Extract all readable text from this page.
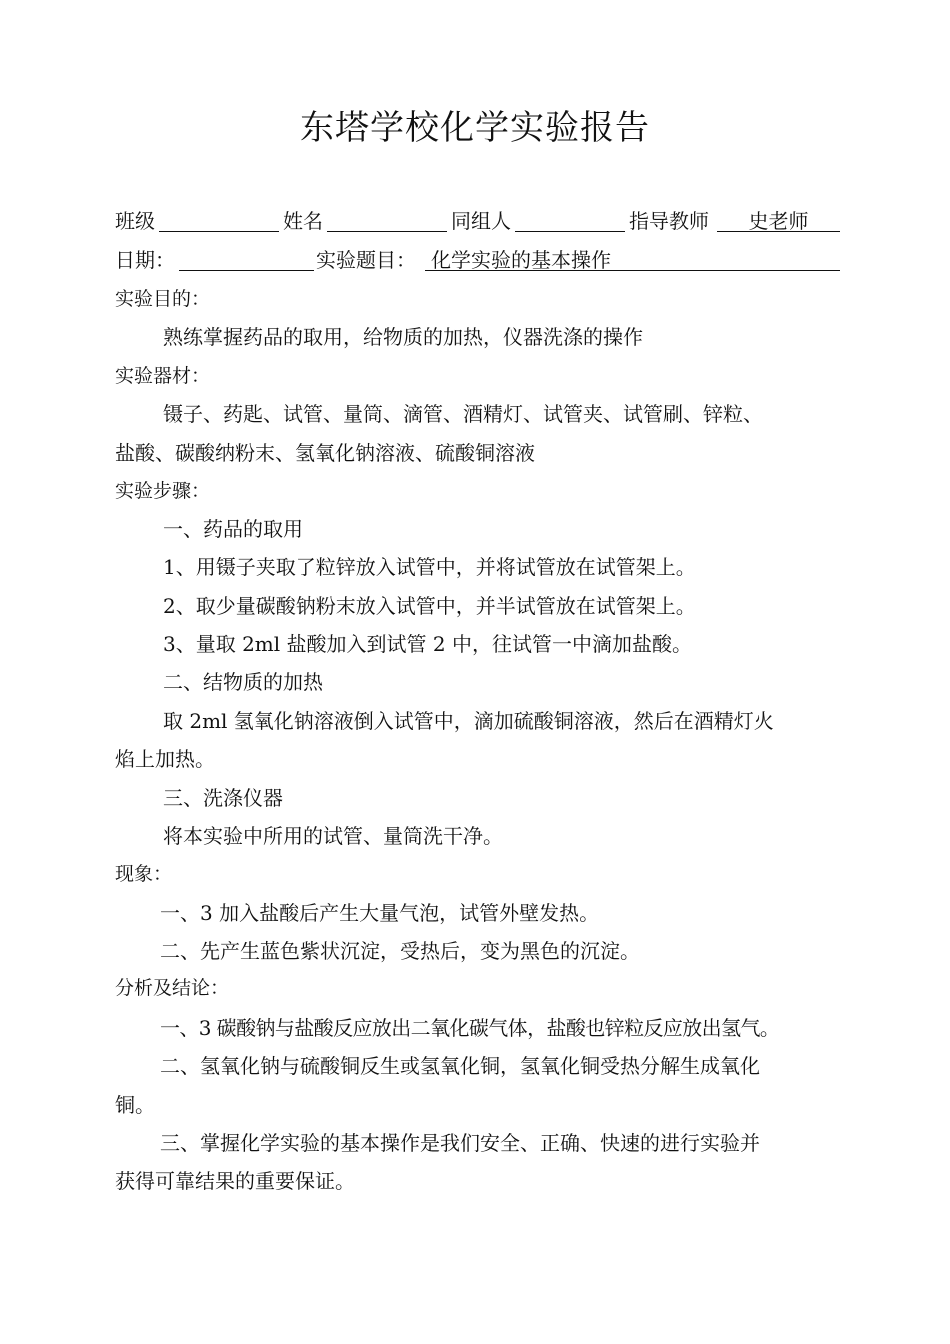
东塔学校化学实验报告
班级	姓名	同组人	指导教师	史老师
日期：	实验题目： 化学实验的基本操作
实验目的：
熟练掌握药品的取用，给物质的加热，仪器洗涤的操作
实验器材：
镊子、药匙、试管、量筒、滴管、酒精灯、试管夹、试管刷、锌粒、
盐酸、碳酸纳粉末、氢氧化钠溶液、硫酸铜溶液
实验步骤：
一、药品的取用
1、用镊子夹取了粒锌放入试管中，并将试管放在试管架上。
2、取少量碳酸钠粉末放入试管中，并半试管放在试管架上。
3、量取 2ml 盐酸加入到试管 2 中，往试管一中滴加盐酸。
二、结物质的加热
取 2ml 氢氧化钠溶液倒入试管中，滴加硫酸铜溶液，然后在酒精灯火
焰上加热。
三、洗涤仪器
将本实验中所用的试管、量筒洗干净。
现象：
一、3 加入盐酸后产生大量气泡，试管外壁发热。
二、先产生蓝色紫状沉淀，受热后，变为黑色的沉淀。
分析及结论：
一、3 碳酸钠与盐酸反应放出二氧化碳气体，盐酸也锌粒反应放出氢气。
二、氢氧化钠与硫酸铜反生或氢氧化铜，氢氧化铜受热分解生成氧化
铜。
三、掌握化学实验的基本操作是我们安全、正确、快速的进行实验并
获得可靠结果的重要保证。
